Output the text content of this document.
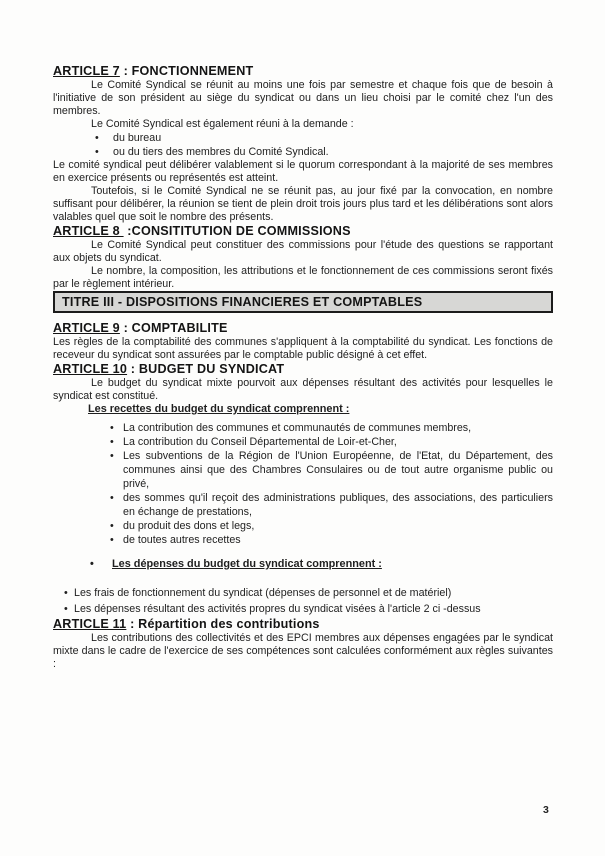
ARTICLE 7 : FONCTIONNEMENT

Le Comité Syndical se réunit au moins une fois par semestre et chaque fois que de besoin à l'initiative de son président au siège du syndicat ou dans un lieu choisi par le comité chez l'un des membres.

Le Comité Syndical est également réuni à la demande :

• du bureau
• ou du tiers des membres du Comité Syndical.

Le comité syndical peut délibérer valablement si le quorum correspondant à la majorité de ses membres en exercice présents ou représentés est atteint.

Toutefois, si le Comité Syndical ne se réunit pas, au jour fixé par la convocation, en nombre suffisant pour délibérer, la réunion se tient de plein droit trois jours plus tard et les délibérations sont alors valables quel que soit le nombre des présents.

ARTICLE 8  :CONSITITUTION DE COMMISSIONS

Le Comité Syndical peut constituer des commissions pour l'étude des questions se rapportant aux objets du syndicat.

Le nombre, la composition, les attributions et le fonctionnement de ces commissions seront fixés par le règlement intérieur.

TITRE III - DISPOSITIONS FINANCIERES ET COMPTABLES
ARTICLE 9 : COMPTABILITE

Les règles de la comptabilité des communes s'appliquent à la comptabilité du syndicat. Les fonctions de receveur du syndicat sont assurées par le comptable public désigné à cet effet.

ARTICLE 10 : BUDGET DU SYNDICAT

Le budget du syndicat mixte pourvoit aux dépenses résultant des activités pour lesquelles le syndicat est constitué.

Les recettes du budget du syndicat comprennent :

• La contribution des communes et communautés de communes membres,
• La contribution du Conseil Départemental de Loir-et-Cher,
• Les subventions de la Région de l'Union Européenne, de l'Etat, du Département, des communes ainsi que des Chambres Consulaires ou de tout autre organisme public ou privé,
• des sommes qu'il reçoit des administrations publiques, des associations, des particuliers en échange de prestations,
• du produit des dons et legs,
• de toutes autres recettes

• Les dépenses du budget du syndicat comprennent :

• Les frais de fonctionnement du syndicat (dépenses de personnel et de matériel)
• Les dépenses résultant des activités propres du syndicat visées à l'article 2 ci -dessus
ARTICLE 11 : Répartition des contributions

Les contributions des collectivités et des EPCI membres aux dépenses engagées par le syndicat mixte dans le cadre de l'exercice de ses compétences sont calculées conformément aux règles suivantes :

3
